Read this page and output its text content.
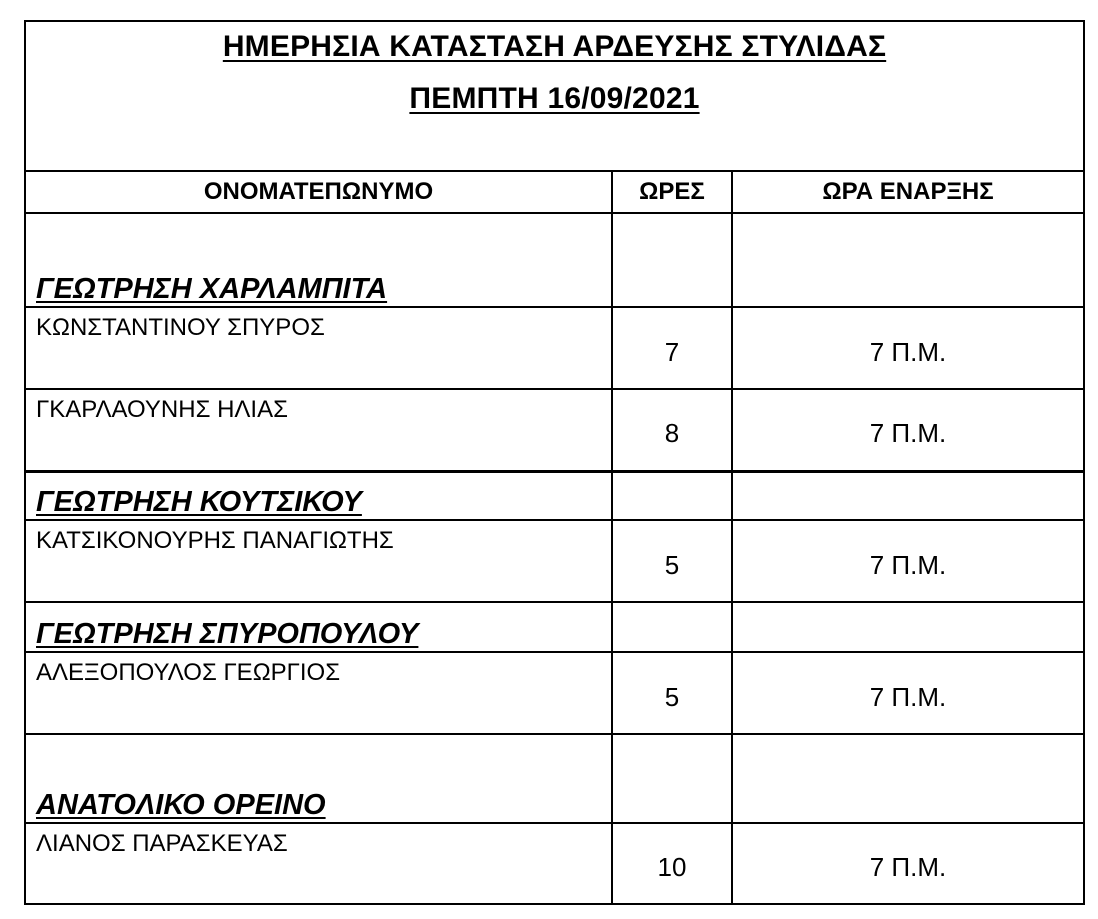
ΗΜΕΡΗΣΙΑ ΚΑΤΑΣΤΑΣΗ ΑΡΔΕΥΣΗΣ ΣΤΥΛΙΔΑΣ
ΠΕΜΠΤΗ 16/09/2021
ΟΝΟΜΑΤΕΠΩΝΥΜΟ	ΩΡΕΣ	ΩΡΑ ΕΝΑΡΞΗΣ
ΓΕΩΤΡΗΣΗ ΧΑΡΛΑΜΠΙΤΑ		
ΚΩΝΣΤΑΝΤΙΝΟΥ ΣΠΥΡΟΣ	7	7 Π.Μ.
ΓΚΑΡΛΑΟΥΝΗΣ ΗΛΙΑΣ	8	7 Π.Μ.
ΓΕΩΤΡΗΣΗ ΚΟΥΤΣΙΚΟΥ		
ΚΑΤΣΙΚΟΝΟΥΡΗΣ ΠΑΝΑΓΙΩΤΗΣ	5	7 Π.Μ.
ΓΕΩΤΡΗΣΗ ΣΠΥΡΟΠΟΥΛΟΥ		
ΑΛΕΞΟΠΟΥΛΟΣ ΓΕΩΡΓΙΟΣ	5	7 Π.Μ.
ΑΝΑΤΟΛΙΚΟ ΟΡΕΙΝΟ		
ΛΙΑΝΟΣ ΠΑΡΑΣΚΕΥΑΣ	10	7 Π.Μ.
